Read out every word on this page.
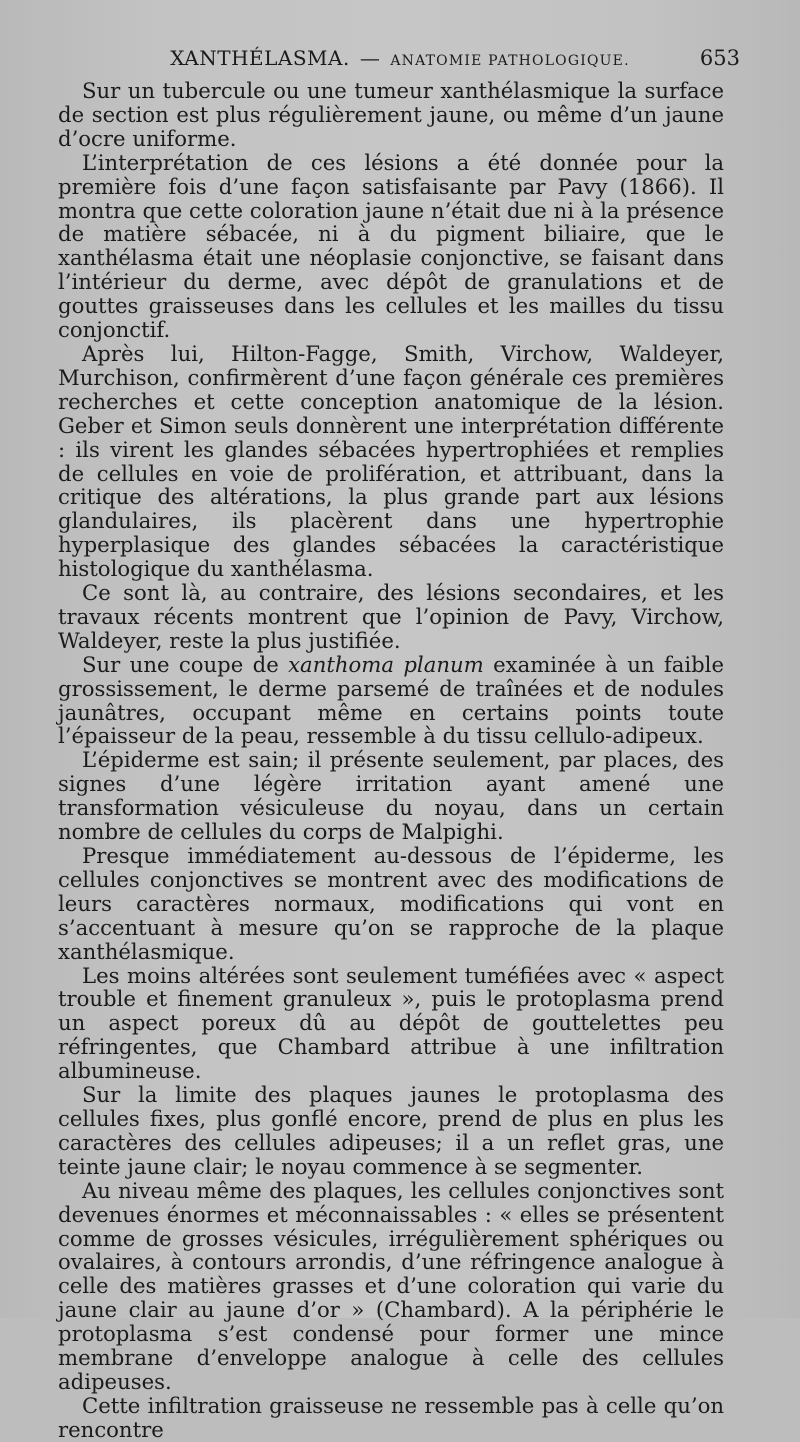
XANTHÉLASMA. — ANATOMIE PATHOLOGIQUE.	653

Sur un tubercule ou une tumeur xanthélasmique la surface de section est plus régulièrement jaune, ou même d’un jaune d’ocre uniforme.

L’interprétation de ces lésions a été donnée pour la première fois d’une façon satisfaisante par Pavy (1866). Il montra que cette coloration jaune n’était due ni à la présence de matière sébacée, ni à du pigment biliaire, que le xanthélasma était une néoplasie conjonctive, se faisant dans l’intérieur du derme, avec dépôt de granulations et de gouttes graisseuses dans les cellules et les mailles du tissu conjonctif.

Après lui, Hilton-Fagge, Smith, Virchow, Waldeyer, Murchison, confirmèrent d’une façon générale ces premières recherches et cette conception anatomique de la lésion. Geber et Simon seuls donnèrent une interprétation différente : ils virent les glandes sébacées hypertrophiées et remplies de cellules en voie de prolifération, et attribuant, dans la critique des altérations, la plus grande part aux lésions glandulaires, ils placèrent dans une hypertrophie hyperplasique des glandes sébacées la caractéristique histologique du xanthélasma.

Ce sont là, au contraire, des lésions secondaires, et les travaux récents montrent que l’opinion de Pavy, Virchow, Waldeyer, reste la plus justifiée.

Sur une coupe de xanthoma planum examinée à un faible grossissement, le derme parsemé de traînées et de nodules jaunâtres, occupant même en certains points toute l’épaisseur de la peau, ressemble à du tissu cellulo-adipeux.

L’épiderme est sain; il présente seulement, par places, des signes d’une légère irritation ayant amené une transformation vésiculeuse du noyau, dans un certain nombre de cellules du corps de Malpighi.

Presque immédiatement au-dessous de l’épiderme, les cellules conjonctives se montrent avec des modifications de leurs caractères normaux, modifications qui vont en s’accentuant à mesure qu’on se rapproche de la plaque xanthélasmique.

Les moins altérées sont seulement tuméfiées avec « aspect trouble et finement granuleux », puis le protoplasma prend un aspect poreux dû au dépôt de gouttelettes peu réfringentes, que Chambard attribue à une infiltration albumineuse.

Sur la limite des plaques jaunes le protoplasma des cellules fixes, plus gonflé encore, prend de plus en plus les caractères des cellules adipeuses; il a un reflet gras, une teinte jaune clair; le noyau commence à se segmenter.

Au niveau même des plaques, les cellules conjonctives sont devenues énormes et méconnaissables : « elles se présentent comme de grosses vésicules, irrégulièrement sphériques ou ovalaires, à contours arrondis, d’une réfringence analogue à celle des matières grasses et d’une coloration qui varie du jaune clair au jaune d’or » (Chambard). A la périphérie le protoplasma s’est condensé pour former une mince membrane d’enveloppe analogue à celle des cellules adipeuses.

Cette infiltration graisseuse ne ressemble pas à celle qu’on rencontre
